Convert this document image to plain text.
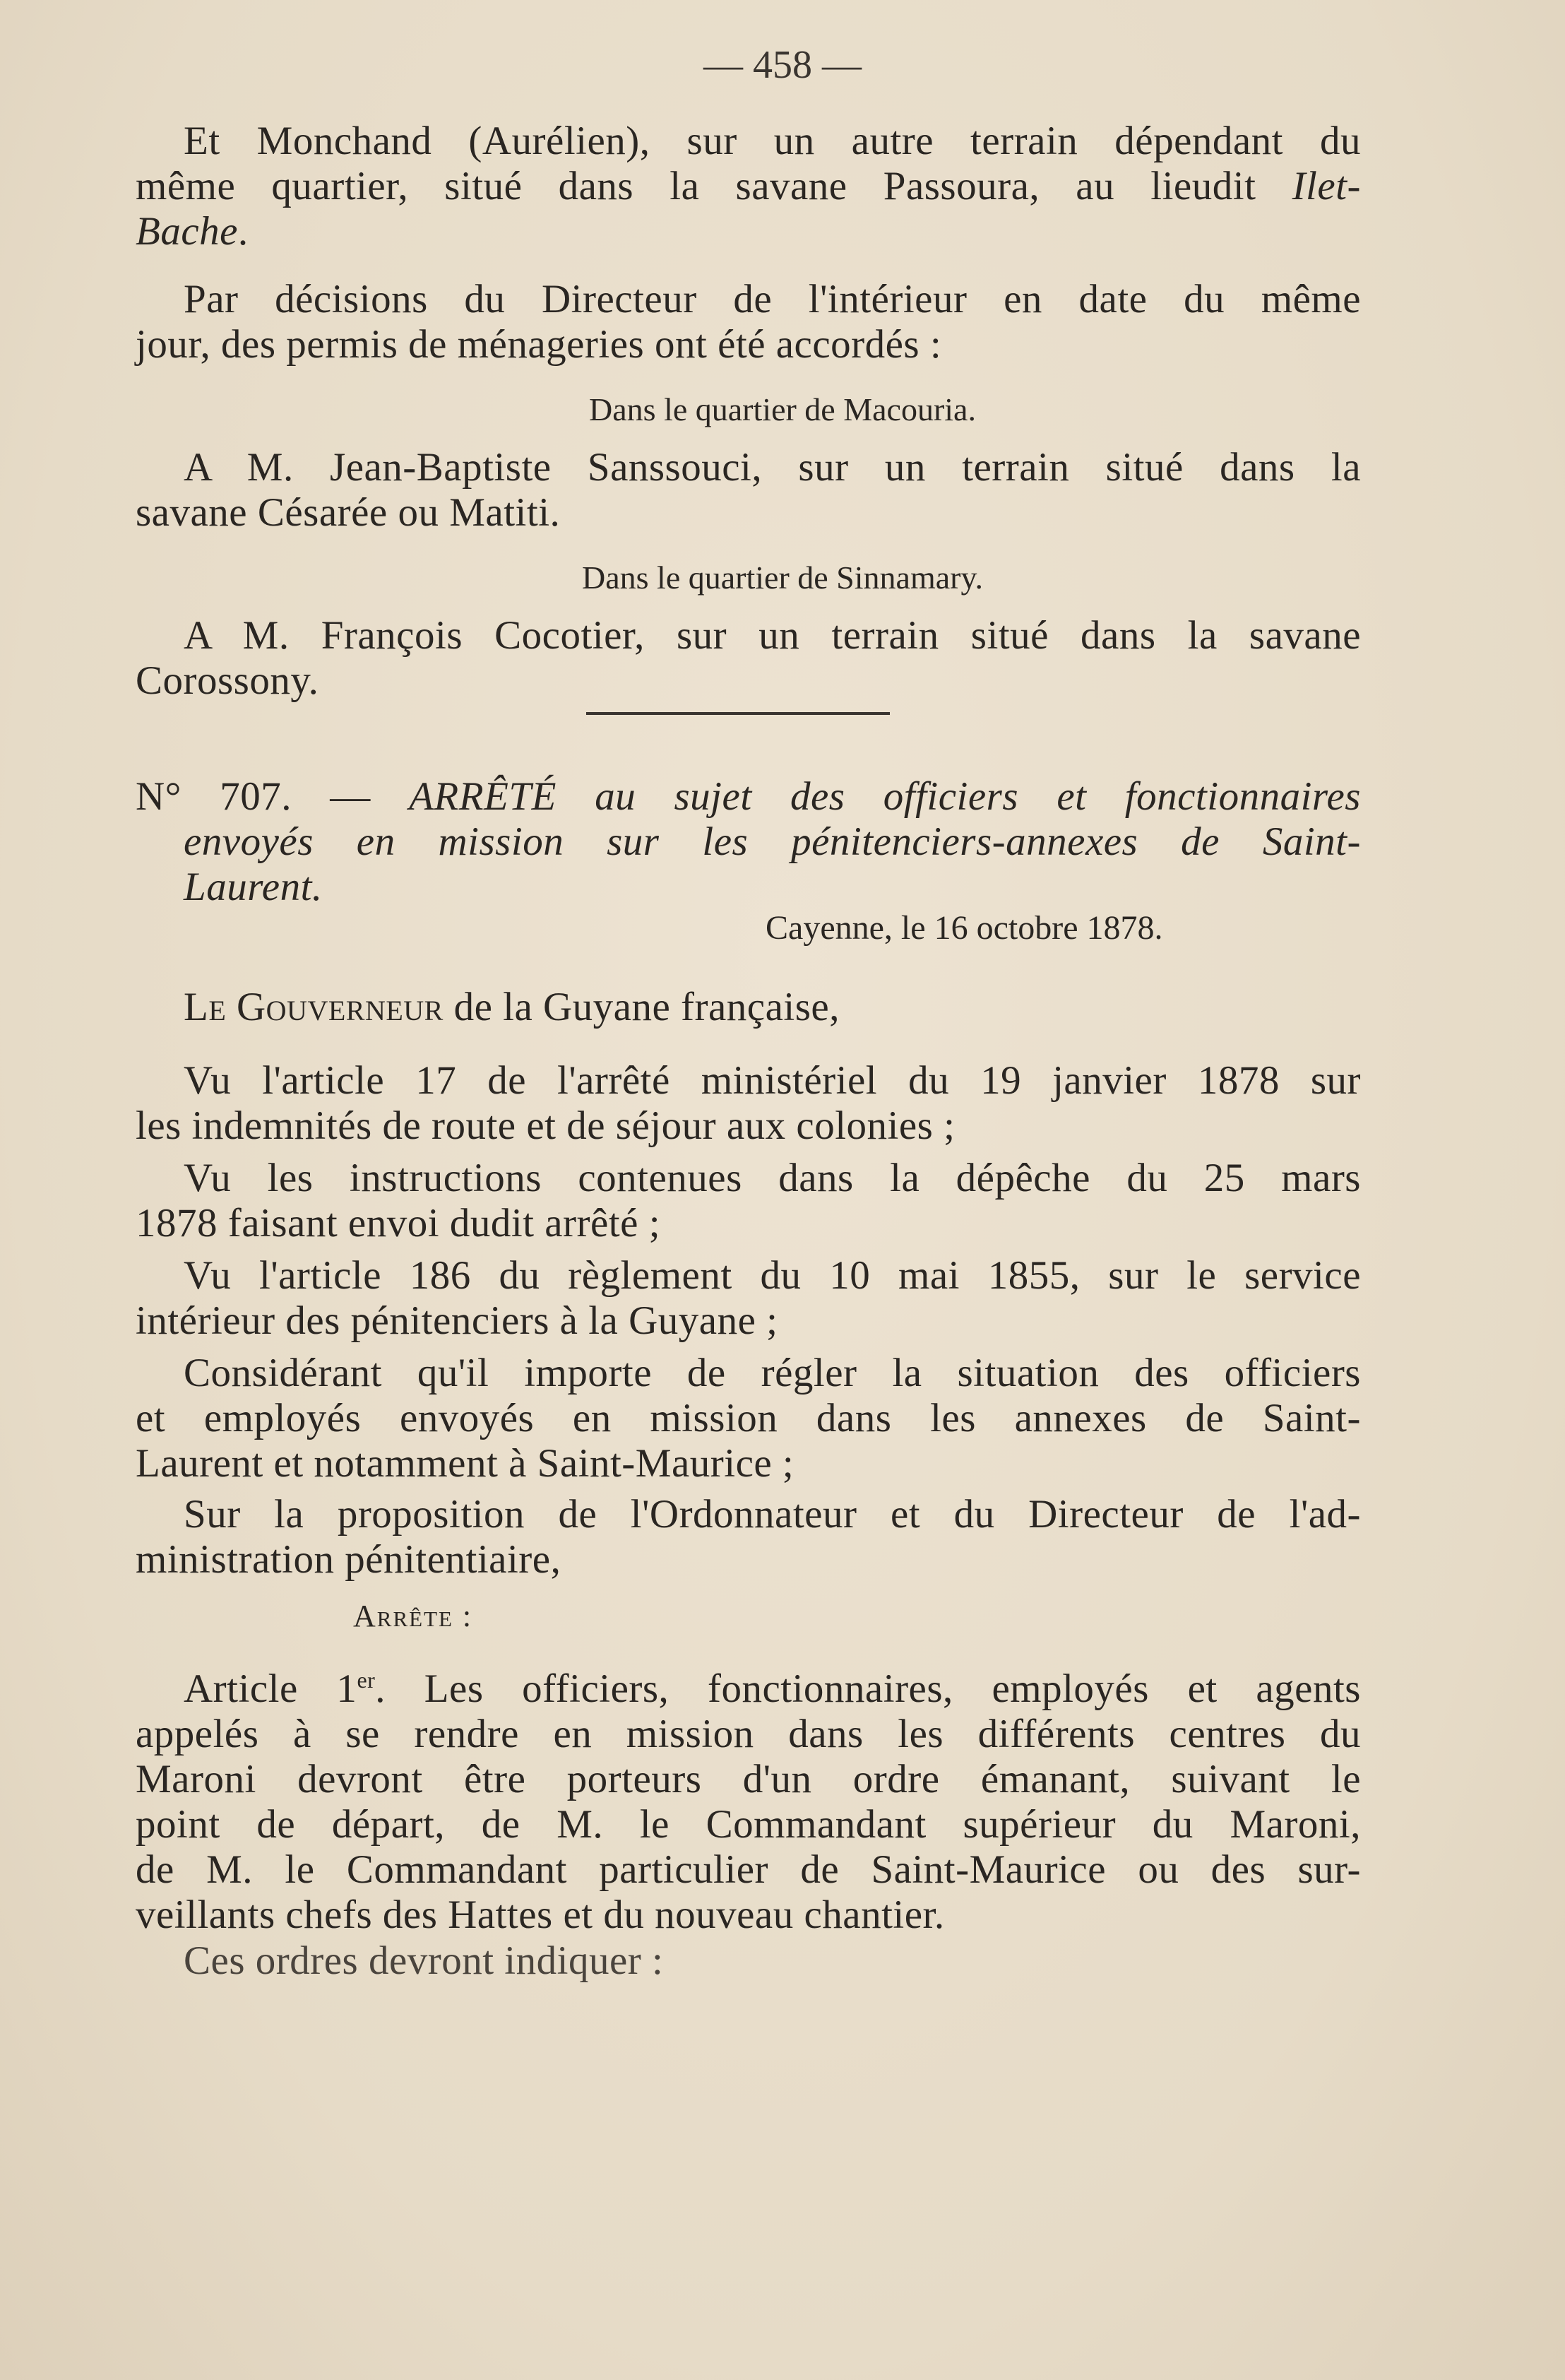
— 458 —
Et Monchand (Aurélien), sur un autre terrain dépendant du
même quartier, situé dans la savane Passoura, au lieudit Ilet-
Bache.
Par décisions du Directeur de l'intérieur en date du même
jour, des permis de ménageries ont été accordés :
Dans le quartier de Macouria.
A M. Jean-Baptiste Sanssouci, sur un terrain situé dans la
savane Césarée ou Matiti.
Dans le quartier de Sinnamary.
A M. François Cocotier, sur un terrain situé dans la savane
Corossony.
N° 707. — ARRÊTÉ au sujet des officiers et fonctionnaires
envoyés en mission sur les pénitenciers-annexes de Saint-
Laurent.
Cayenne, le 16 octobre 1878.
Le Gouverneur de la Guyane française,
Vu l'article 17 de l'arrêté ministériel du 19 janvier 1878 sur
les indemnités de route et de séjour aux colonies ;
Vu les instructions contenues dans la dépêche du 25 mars
1878 faisant envoi dudit arrêté ;
Vu l'article 186 du règlement du 10 mai 1855, sur le service
intérieur des pénitenciers à la Guyane ;
Considérant qu'il importe de régler la situation des officiers
et employés envoyés en mission dans les annexes de Saint-
Laurent et notamment à Saint-Maurice ;
Sur la proposition de l'Ordonnateur et du Directeur de l'ad-
ministration pénitentiaire,
Arrête :
Article 1er. Les officiers, fonctionnaires, employés et agents
appelés à se rendre en mission dans les différents centres du
Maroni devront être porteurs d'un ordre émanant, suivant le
point de départ, de M. le Commandant supérieur du Maroni,
de M. le Commandant particulier de Saint-Maurice ou des sur-
veillants chefs des Hattes et du nouveau chantier.
Ces ordres devront indiquer :
